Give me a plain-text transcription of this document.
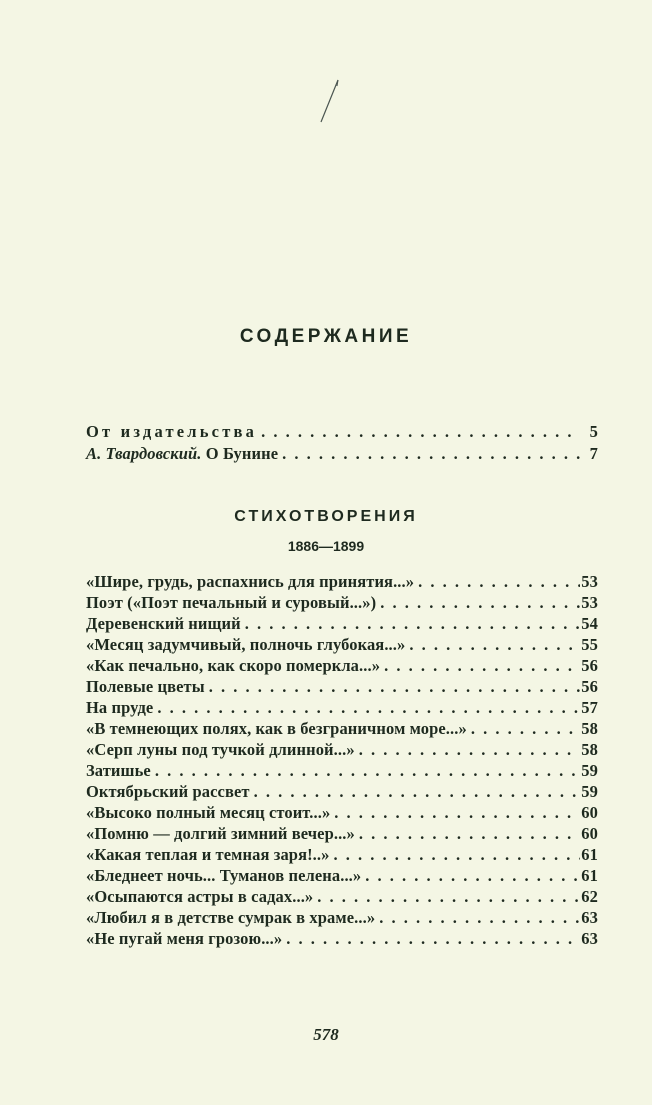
СОДЕРЖАНИЕ
От издательства . . .	5
А. Твардовский. О Бунине . . .	7
СТИХОТВОРЕНИЯ
1886—1899
«Шире, грудь, распахнись для принятия...» . . .	53
Поэт («Поэт печальный и суровый...») . . .	53
Деревенский нищий . . .	54
«Месяц задумчивый, полночь глубокая...» . . .	55
«Как печально, как скоро померкла...» . . .	56
Полевые цветы . . .	56
На пруде . . .	57
«В темнеющих полях, как в безграничном море...» . . .	58
«Серп луны под тучкой длинной...» . . .	58
Затишье . . .	59
Октябрьский рассвет . . .	59
«Высоко полный месяц стоит...» . . .	60
«Помню — долгий зимний вечер...» . . .	60
«Какая теплая и темная заря!..» . . .	61
«Бледнеет ночь... Туманов пелена...» . . .	61
«Осыпаются астры в садах...» . . .	62
«Любил я в детстве сумрак в храме...» . . .	63
«Не пугай меня грозою...» . . .	63
578
